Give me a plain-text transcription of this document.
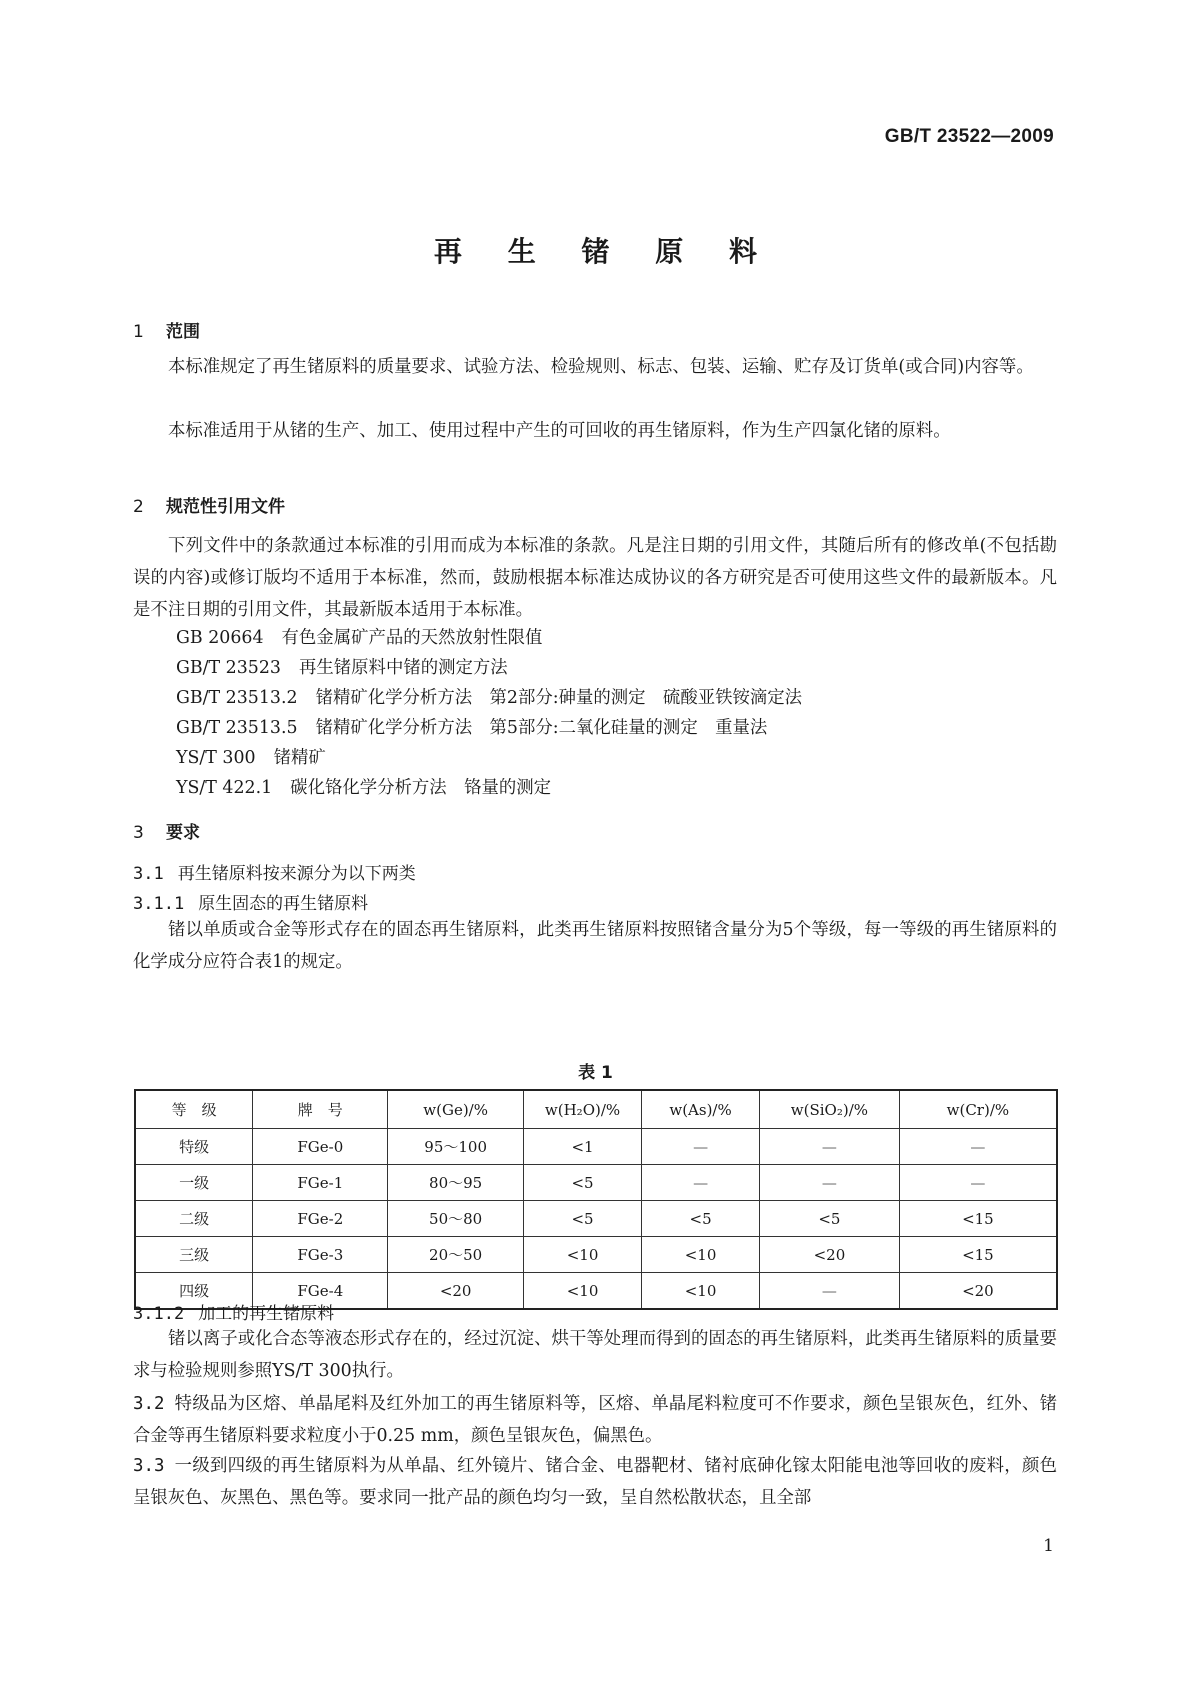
GB/T 23522—2009
再 生 锗 原 料
1 范围
本标准规定了再生锗原料的质量要求、试验方法、检验规则、标志、包装、运输、贮存及订货单(或合同)内容等。
本标准适用于从锗的生产、加工、使用过程中产生的可回收的再生锗原料，作为生产四氯化锗的原料。
2 规范性引用文件
下列文件中的条款通过本标准的引用而成为本标准的条款。凡是注日期的引用文件，其随后所有的修改单(不包括勘误的内容)或修订版均不适用于本标准，然而，鼓励根据本标准达成协议的各方研究是否可使用这些文件的最新版本。凡是不注日期的引用文件，其最新版本适用于本标准。
GB 20664 有色金属矿产品的天然放射性限值
GB/T 23523 再生锗原料中锗的测定方法
GB/T 23513.2 锗精矿化学分析方法　第2部分:砷量的测定　硫酸亚铁铵滴定法
GB/T 23513.5 锗精矿化学分析方法　第5部分:二氧化硅量的测定　重量法
YS/T 300 锗精矿
YS/T 422.1 碳化铬化学分析方法　铬量的测定
3 要求
3.1 再生锗原料按来源分为以下两类
3.1.1 原生固态的再生锗原料
锗以单质或合金等形式存在的固态再生锗原料，此类再生锗原料按照锗含量分为5个等级，每一等级的再生锗原料的化学成分应符合表1的规定。
表 1
等　级	牌　号	w(Ge)/%	w(H₂O)/%	w(As)/%	w(SiO₂)/%	w(Cr)/%
特级	FGe-0	95～100	<1	—	—	—
一级	FGe-1	80～95	<5	—	—	—
二级	FGe-2	50～80	<5	<5	<5	<15
三级	FGe-3	20～50	<10	<10	<20	<15
四级	FGe-4	<20	<10	<10	—	<20
3.1.2 加工的再生锗原料
锗以离子或化合态等液态形式存在的，经过沉淀、烘干等处理而得到的固态的再生锗原料，此类再生锗原料的质量要求与检验规则参照YS/T 300执行。
3.2 特级品为区熔、单晶尾料及红外加工的再生锗原料等，区熔、单晶尾料粒度可不作要求，颜色呈银灰色，红外、锗合金等再生锗原料要求粒度小于0.25 mm，颜色呈银灰色，偏黑色。
3.3 一级到四级的再生锗原料为从单晶、红外镜片、锗合金、电器靶材、锗衬底砷化镓太阳能电池等回收的废料，颜色呈银灰色、灰黑色、黑色等。要求同一批产品的颜色均匀一致，呈自然松散状态，且全部
1
